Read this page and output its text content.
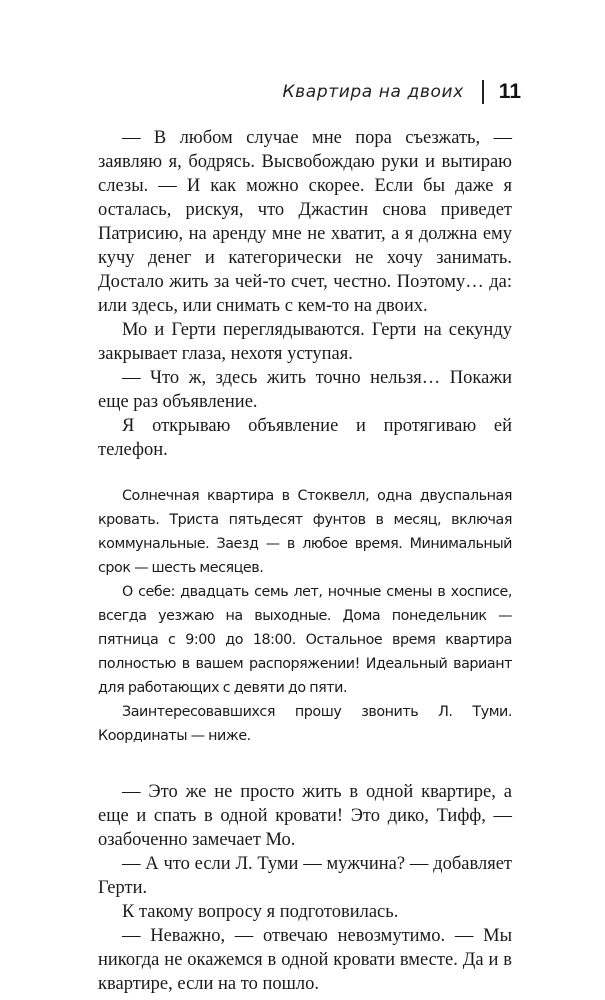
Квартира на двоих 11

— В любом случае мне пора съезжать, — заявляю я, бодрясь. Высвобождаю руки и вытираю слезы. — И как можно скорее. Если бы даже я осталась, рискуя, что Джастин снова приведет Патрисию, на аренду мне не хватит, а я должна ему кучу денег и категорически не хочу занимать. Достало жить за чей-то счет, честно. Поэтому… да: или здесь, или снимать с кем-то на двоих.

Мо и Герти переглядываются. Герти на секунду закрывает глаза, нехотя уступая.

— Что ж, здесь жить точно нельзя… Покажи еще раз объявление.

Я открываю объявление и протягиваю ей телефон.

Солнечная квартира в Стоквелл, одна двуспальная кровать. Триста пятьдесят фунтов в месяц, включая коммунальные. Заезд — в любое время. Минимальный срок — шесть месяцев.

О себе: двадцать семь лет, ночные смены в хосписе, всегда уезжаю на выходные. Дома понедельник — пятница с 9:00 до 18:00. Остальное время квартира полностью в вашем распоряжении! Идеальный вариант для работающих с девяти до пяти.

Заинтересовавшихся прошу звонить Л. Туми. Координаты — ниже.

— Это же не просто жить в одной квартире, а еще и спать в одной кровати! Это дико, Тифф, — озабоченно замечает Мо.

— А что если Л. Туми — мужчина? — добавляет Герти.

К такому вопросу я подготовилась.

— Неважно, — отвечаю невозмутимо. — Мы никогда не окажемся в одной кровати вместе. Да и в квартире, если на то пошло.
